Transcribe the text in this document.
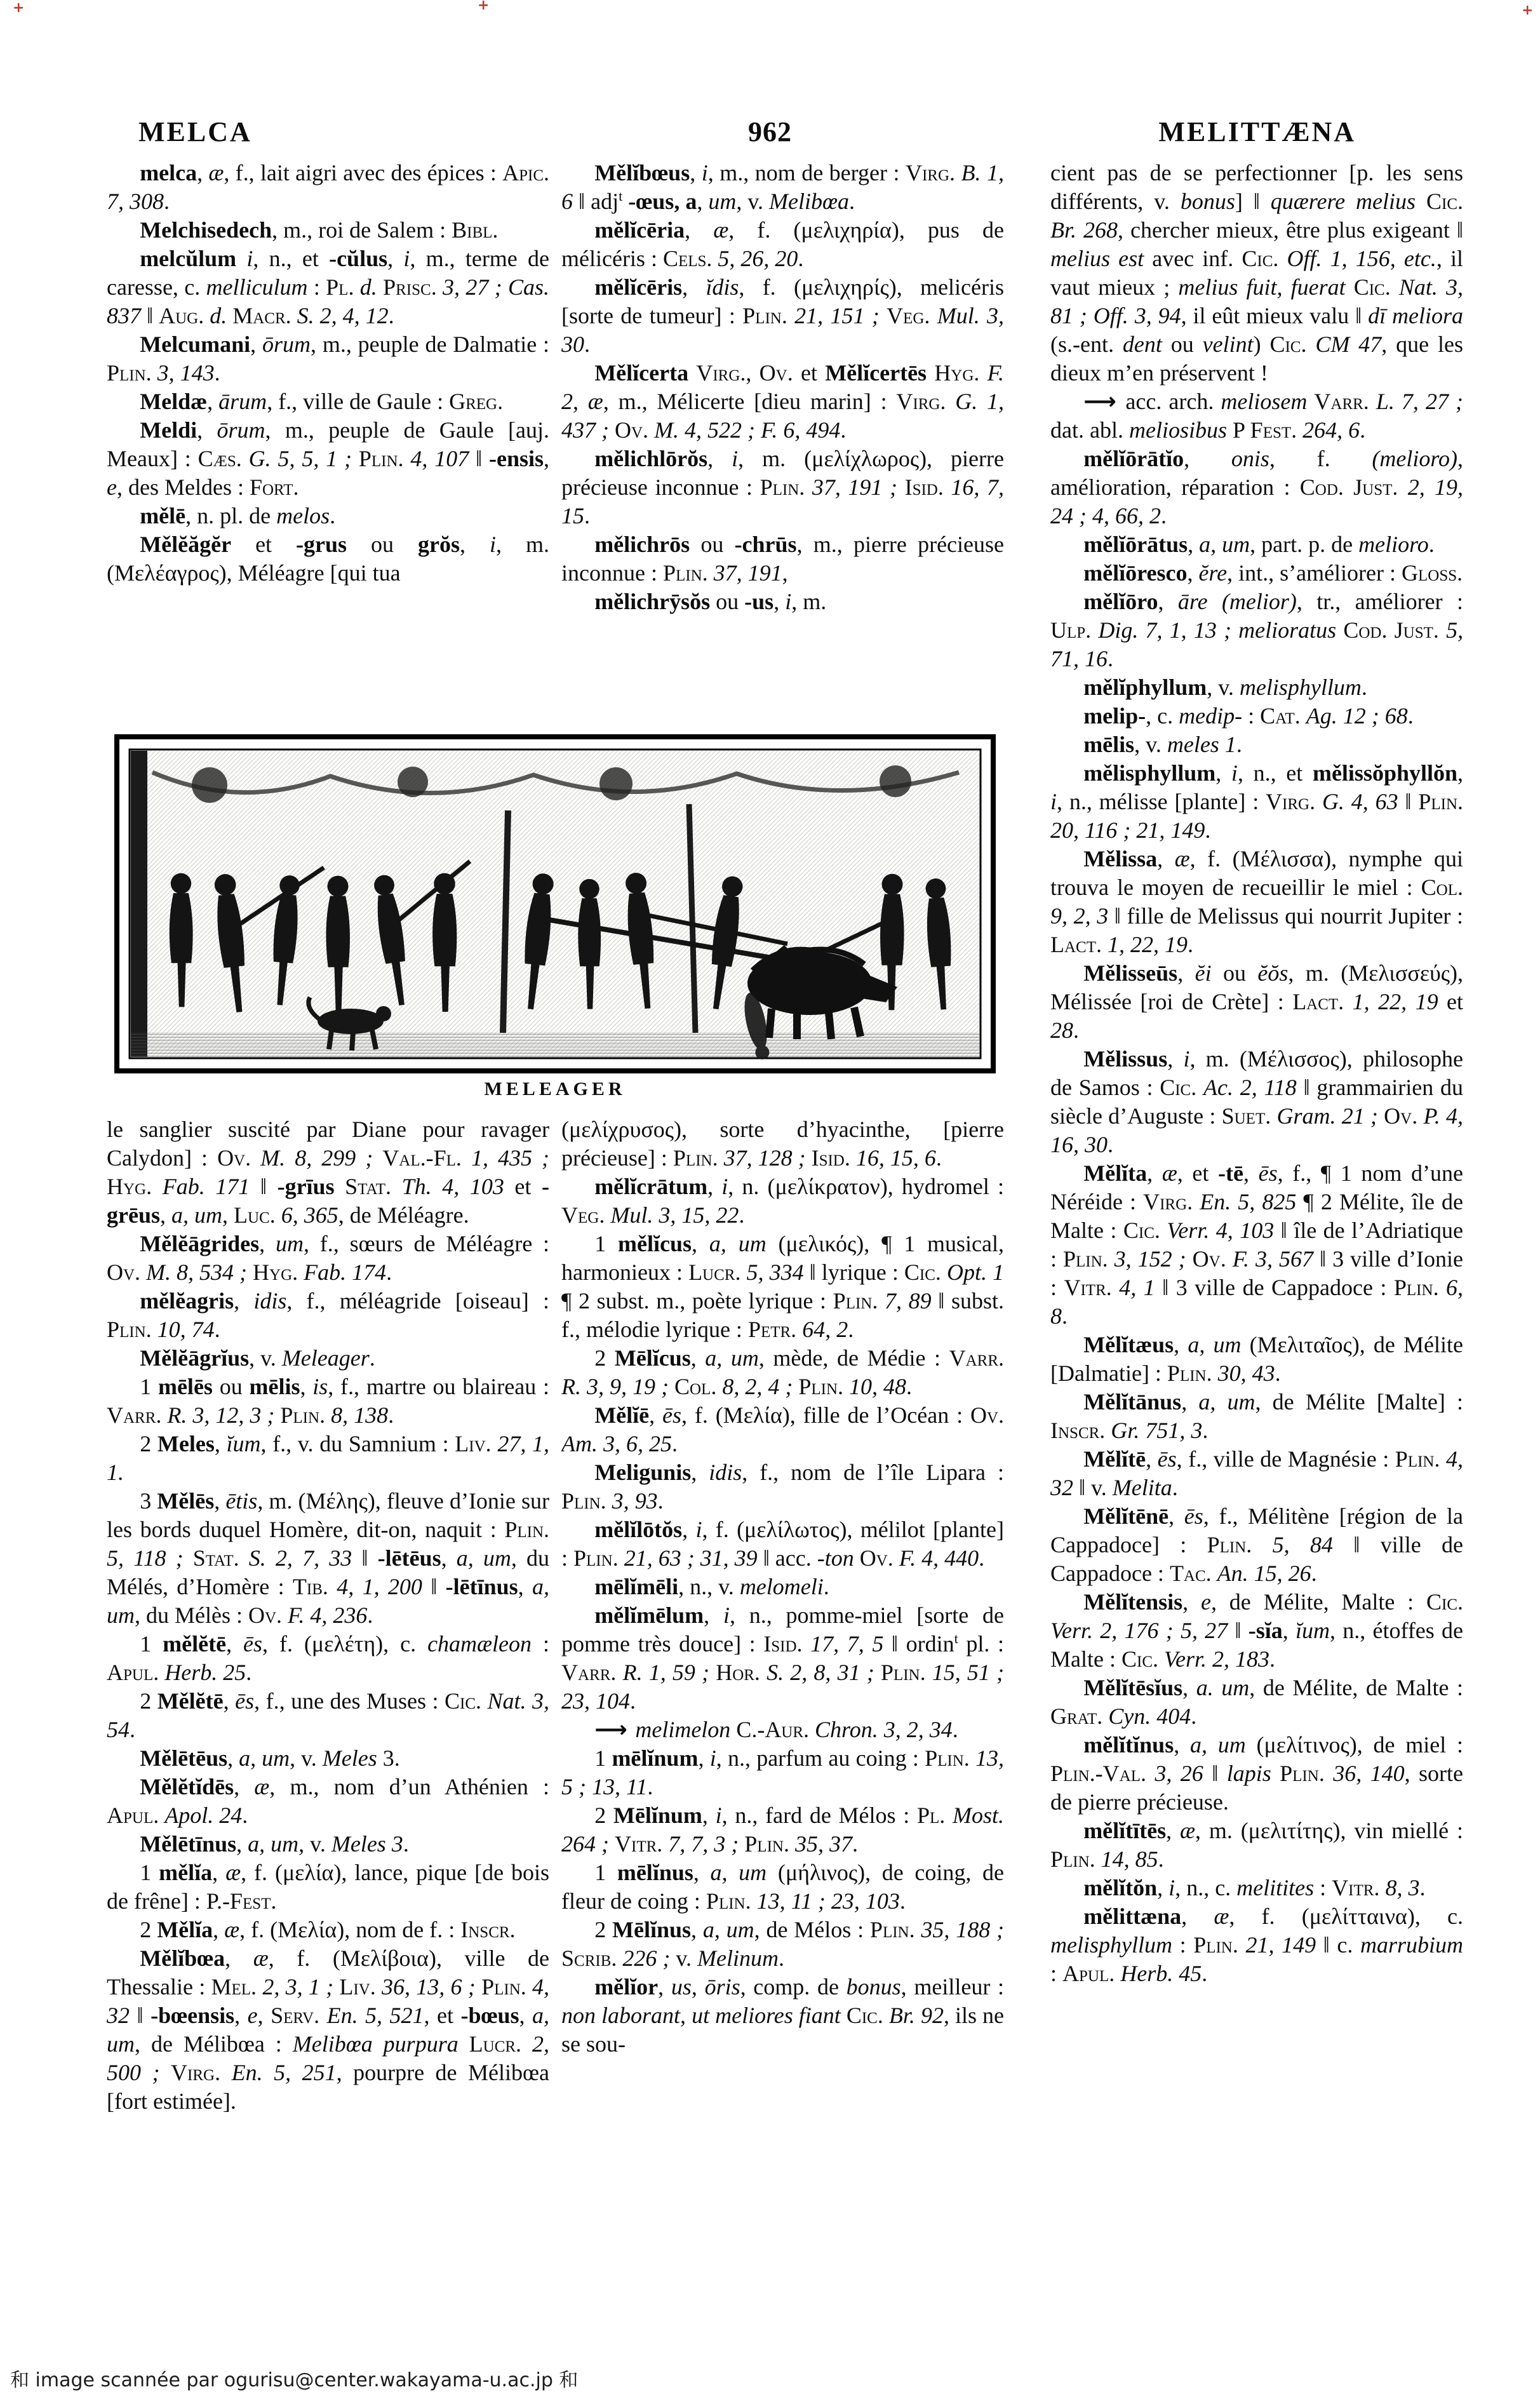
+	+	+
962
MELCA	MELITTÆNA

melca, æ, f., lait aigri avec des épices : Apic. 7, 308.

Melchisedech, m., roi de Salem : Bibl.

melcŭlum i, n., et -cŭlus, i, m., terme de caresse, c. melliculum : Pl. d. Prisc. 3, 27 ; Cas. 837 ‖ Aug. d. Macr. S. 2, 4, 12.

Melcumani, ōrum, m., peuple de Dalmatie : Plin. 3, 143.

Meldæ, ārum, f., ville de Gaule : Greg.

Meldi, ōrum, m., peuple de Gaule [auj. Meaux] : Cæs. G. 5, 5, 1 ; Plin. 4, 107 ‖ -ensis, e, des Meldes : Fort.

mělē, n. pl. de melos.

Mělĕăgĕr et -grus ou grŏs, i, m. (Μελέαγρος), Méléagre [qui tua

Mělĭbœus, i, m., nom de berger : Virg. B. 1, 6 ‖ adj$^t$ -œus, a, um, v. Melibœa.

mělĭcēria, æ, f. (μελιχηρία), pus de mélicéris : Cels. 5, 26, 20.

mělĭcēris, ĭdis, f. (μελιχηρίς), melicéris [sorte de tumeur] : Plin. 21, 151 ; Veg. Mul. 3, 30.

Mělĭcerta Virg., Ov. et Mělĭcertēs Hyg. F. 2, æ, m., Mélicerte [dieu marin] : Virg. G. 1, 437 ; Ov. M. 4, 522 ; F. 6, 494.

mělichlōrŏs, i, m. (μελίχλωρος), pierre précieuse inconnue : Plin. 37, 191 ; Isid. 16, 7, 15.

mělichrōs ou -chrūs, m., pierre précieuse inconnue : Plin. 37, 191,

mělichrȳsŏs ou -us, i, m.

MELEAGER

le sanglier suscité par Diane pour ravager Calydon] : Ov. M. 8, 299 ; Val.-Fl. 1, 435 ; Hyg. Fab. 171 ‖ -grīus Stat. Th. 4, 103 et -grēus, a, um, Luc. 6, 365, de Méléagre.

Mělĕāgrides, um, f., sœurs de Méléagre : Ov. M. 8, 534 ; Hyg. Fab. 174.

mělĕagris, idis, f., méléagride [oiseau] : Plin. 10, 74.

Mělĕāgrĭus, v. Meleager.

1 mēlēs ou mēlis, is, f., martre ou blaireau : Varr. R. 3, 12, 3 ; Plin. 8, 138.

2 Meles, ĭum, f., v. du Samnium : Liv. 27, 1, 1.

3 Mělēs, ētis, m. (Μέλης), fleuve d’Ionie sur les bords duquel Homère, dit-on, naquit : Plin. 5, 118 ; Stat. S. 2, 7, 33 ‖ -lētēus, a, um, du Mélés, d’Homère : Tib. 4, 1, 200 ‖ -lētīnus, a, um, du Mélès : Ov. F. 4, 236.

1 mělĕtē, ēs, f. (μελέτη), c. chamæleon : Apul. Herb. 25.

2 Mělĕtē, ēs, f., une des Muses : Cic. Nat. 3, 54.

Mělētēus, a, um, v. Meles 3.

Mělĕtĭdēs, æ, m., nom d’un Athénien : Apul. Apol. 24.

Mělētīnus, a, um, v. Meles 3.

1 mělĭa, æ, f. (μελία), lance, pique [de bois de frêne] : P.-Fest.

2 Mělĭa, æ, f. (Μελία), nom de f. : Inscr.

Mělĭbœa, æ, f. (Μελίβοια), ville de Thessalie : Mel. 2, 3, 1 ; Liv. 36, 13, 6 ; Plin. 4, 32 ‖ -bœensis, e, Serv. En. 5, 521, et -bœus, a, um, de Mélibœa : Melibœa purpura Lucr. 2, 500 ; Virg. En. 5, 251, pourpre de Mélibœa [fort estimée].

(μελίχρυσος), sorte d’hyacinthe, [pierre précieuse] : Plin. 37, 128 ; Isid. 16, 15, 6.

mělĭcrātum, i, n. (μελίκρατον), hydromel : Veg. Mul. 3, 15, 22.

1 mělĭcus, a, um (μελικός), ¶ 1 musical, harmonieux : Lucr. 5, 334 ‖ lyrique : Cic. Opt. 1 ¶ 2 subst. m., poète lyrique : Plin. 7, 89 ‖ subst. f., mélodie lyrique : Petr. 64, 2.

2 Mēlĭcus, a, um, mède, de Médie : Varr. R. 3, 9, 19 ; Col. 8, 2, 4 ; Plin. 10, 48.

Mělĭē, ēs, f. (Μελία), fille de l’Océan : Ov. Am. 3, 6, 25.

Meligunis, idis, f., nom de l’île Lipara : Plin. 3, 93.

mělĭlōtŏs, i, f. (μελίλωτος), mélilot [plante] : Plin. 21, 63 ; 31, 39 ‖ acc. -ton Ov. F. 4, 440.

mēlĭmēli, n., v. melomeli.

mělĭmēlum, i, n., pomme-miel [sorte de pomme très douce] : Isid. 17, 7, 5 ‖ ordin$^t$ pl. : Varr. R. 1, 59 ; Hor. S. 2, 8, 31 ; Plin. 15, 51 ; 23, 104.

⟶ melimelon C.-Aur. Chron. 3, 2, 34.

1 mēlĭnum, i, n., parfum au coing : Plin. 13, 5 ; 13, 11.

2 Mēlĭnum, i, n., fard de Mélos : Pl. Most. 264 ; Vitr. 7, 7, 3 ; Plin. 35, 37.

1 mēlĭnus, a, um (μήλινος), de coing, de fleur de coing : Plin. 13, 11 ; 23, 103.

2 Mēlĭnus, a, um, de Mélos : Plin. 35, 188 ; Scrib. 226 ; v. Melinum.

mělĭor, us, ōris, comp. de bonus, meilleur : non laborant, ut meliores fiant Cic. Br. 92, ils ne se sou-

cient pas de se perfectionner [p. les sens différents, v. bonus] ‖ quærere melius Cic. Br. 268, chercher mieux, être plus exigeant ‖ melius est avec inf. Cic. Off. 1, 156, etc., il vaut mieux ; melius fuit, fuerat Cic. Nat. 3, 81 ; Off. 3, 94, il eût mieux valu ‖ dī meliora (s.-ent. dent ou velint) Cic. CM 47, que les dieux m’en préservent !

⟶ acc. arch. meliosem Varr. L. 7, 27 ; dat. abl. meliosibus P Fest. 264, 6.

mělĭōrātĭo, onis, f. (melioro), amélioration, réparation : Cod. Just. 2, 19, 24 ; 4, 66, 2.

mělĭōrātus, a, um, part. p. de melioro.

mělĭōresco, ĕre, int., s’améliorer : Gloss.

mělĭōro, āre (melior), tr., améliorer : Ulp. Dig. 7, 1, 13 ; melioratus Cod. Just. 5, 71, 16.

mělĭphyllum, v. melisphyllum.

melip-, c. medip- : Cat. Ag. 12 ; 68.

mēlis, v. meles 1.

mělisphyllum, i, n., et mělissŏphyllŏn, i, n., mélisse [plante] : Virg. G. 4, 63 ‖ Plin. 20, 116 ; 21, 149.

Mělissa, æ, f. (Μέλισσα), nymphe qui trouva le moyen de recueillir le miel : Col. 9, 2, 3 ‖ fille de Melissus qui nourrit Jupiter : Lact. 1, 22, 19.

Mělisseūs, ĕi ou ĕŏs, m. (Μελισσεύς), Mélissée [roi de Crète] : Lact. 1, 22, 19 et 28.

Mělissus, i, m. (Μέλισσος), philosophe de Samos : Cic. Ac. 2, 118 ‖ grammairien du siècle d’Auguste : Suet. Gram. 21 ; Ov. P. 4, 16, 30.

Mělĭta, æ, et -tē, ēs, f., ¶ 1 nom d’une Néréide : Virg. En. 5, 825 ¶ 2 Mélite, île de Malte : Cic. Verr. 4, 103 ‖ île de l’Adriatique : Plin. 3, 152 ; Ov. F. 3, 567 ‖ 3 ville d’Ionie : Vitr. 4, 1 ‖ 3 ville de Cappadoce : Plin. 6, 8.

Mělĭtæus, a, um (Μελιταῖος), de Mélite [Dalmatie] : Plin. 30, 43.

Mělĭtānus, a, um, de Mélite [Malte] : Inscr. Gr. 751, 3.

Mělĭtē, ēs, f., ville de Magnésie : Plin. 4, 32 ‖ v. Melita.

Mělĭtēnē, ēs, f., Mélitène [région de la Cappadoce] : Plin. 5, 84 ‖ ville de Cappadoce : Tac. An. 15, 26.

Mělĭtensis, e, de Mélite, Malte : Cic. Verr. 2, 176 ; 5, 27 ‖ -sĭa, ĭum, n., étoffes de Malte : Cic. Verr. 2, 183.

Mělĭtēsĭus, a. um, de Mélite, de Malte : Grat. Cyn. 404.

mělĭtĭnus, a, um (μελίτινος), de miel : Plin.-Val. 3, 26 ‖ lapis Plin. 36, 140, sorte de pierre précieuse.

mělĭtītēs, æ, m. (μελιτίτης), vin miellé : Plin. 14, 85.

mělĭtŏn, i, n., c. melitites : Vitr. 8, 3.

mělittæna, æ, f. (μελίτταινα), c. melisphyllum : Plin. 21, 149 ‖ c. marrubium : Apul. Herb. 45.

和 image scannée par ogurisu@center.wakayama-u.ac.jp 和
